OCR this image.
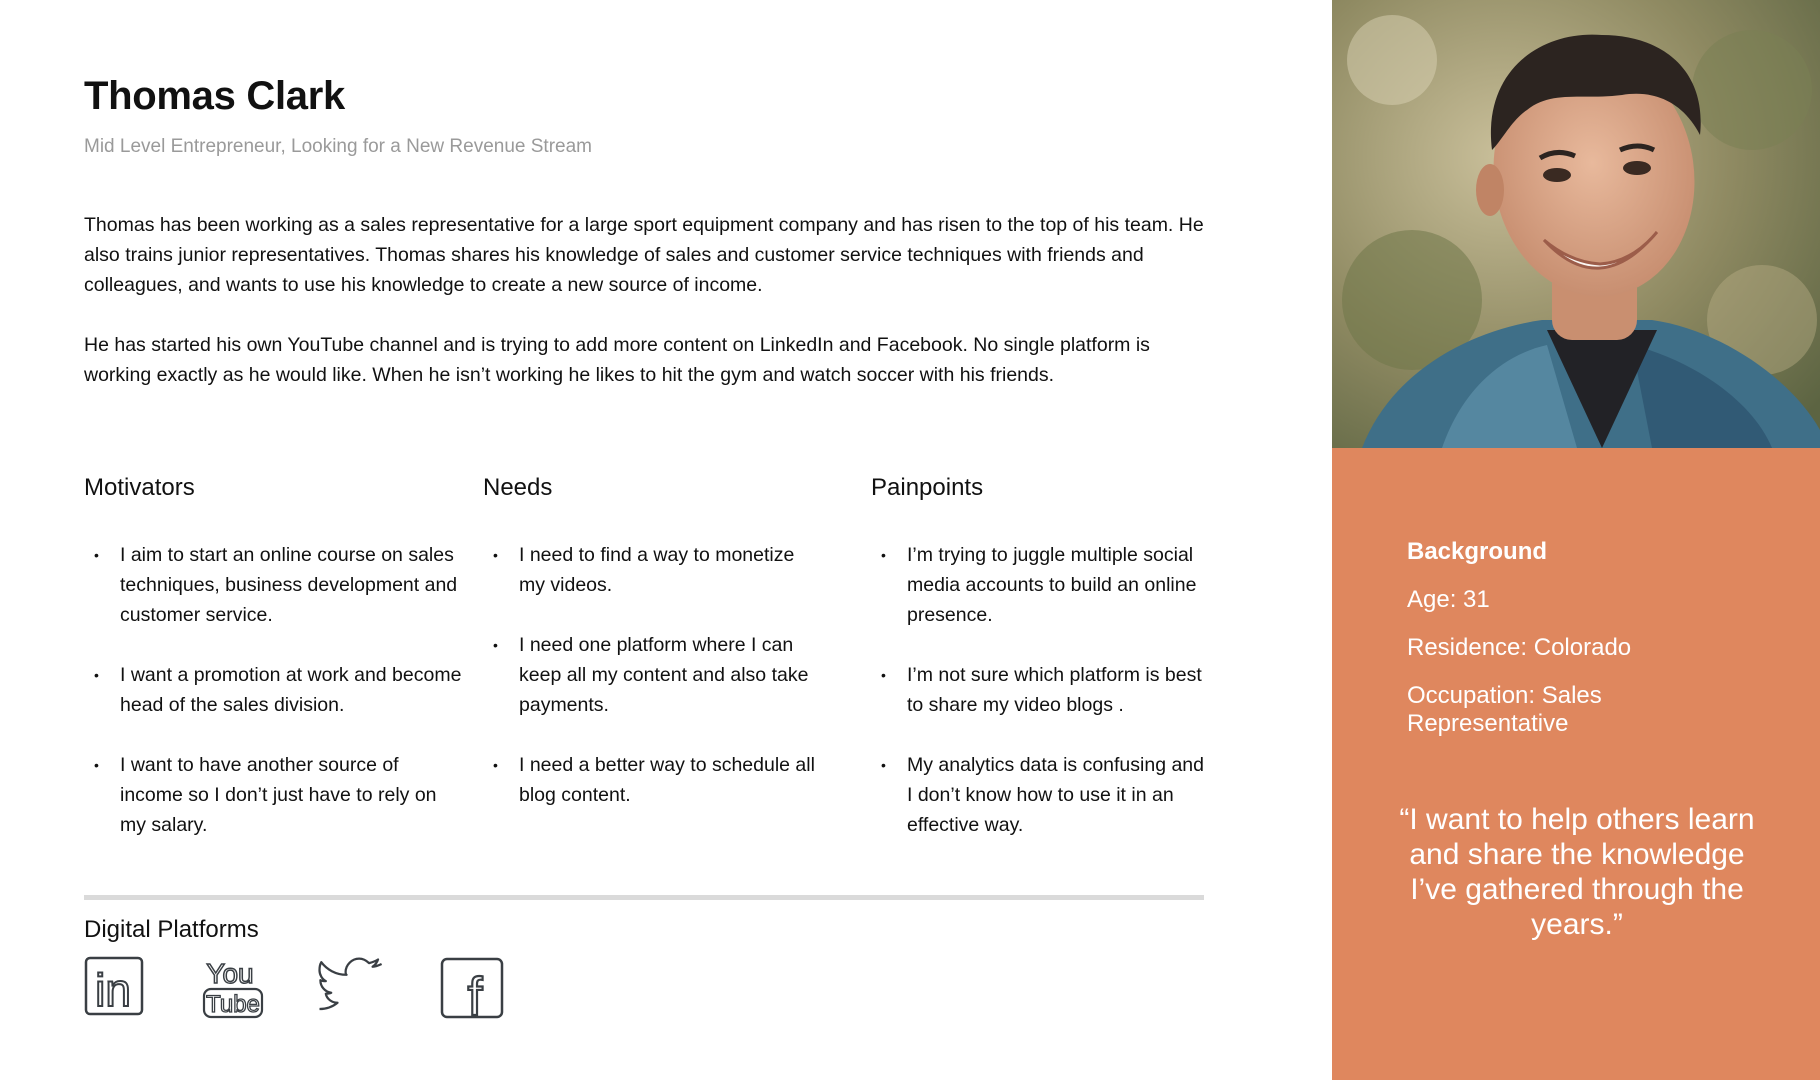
Thomas Clark
Mid Level Entrepreneur, Looking for a New Revenue Stream

Thomas has been working as a sales representative for a large sport equipment company and has risen to the top of his team. He also trains junior representatives. Thomas shares his knowledge of sales and customer service techniques with friends and colleagues, and wants to use his knowledge to create a new source of income.

He has started his own YouTube channel and is trying to add more content on LinkedIn and Facebook. No single platform is working exactly as he would like. When he isn’t working he likes to hit the gym and watch soccer with his friends.

Motivators
• I aim to start an online course on sales techniques, business development and customer service.
• I want a promotion at work and become head of the sales division.
• I want to have another source of income so I don’t just have to rely on my salary.
Needs
• I need to find a way to monetize my videos.
• I need one platform where I can keep all my content and also take payments.
• I need a better way to schedule all blog content.
Painpoints
• I’m trying to juggle multiple social media accounts to build an online presence.
• I’m not sure which platform is best to share my video blogs .
• My analytics data is confusing and I don’t know how to use it in an effective way.
Digital Platforms
in	You
Tube	f
Background
Age: 31
Residence: Colorado
Occupation: Sales Representative
“I want to help others learn and share the knowledge I’ve gathered through the years.”
